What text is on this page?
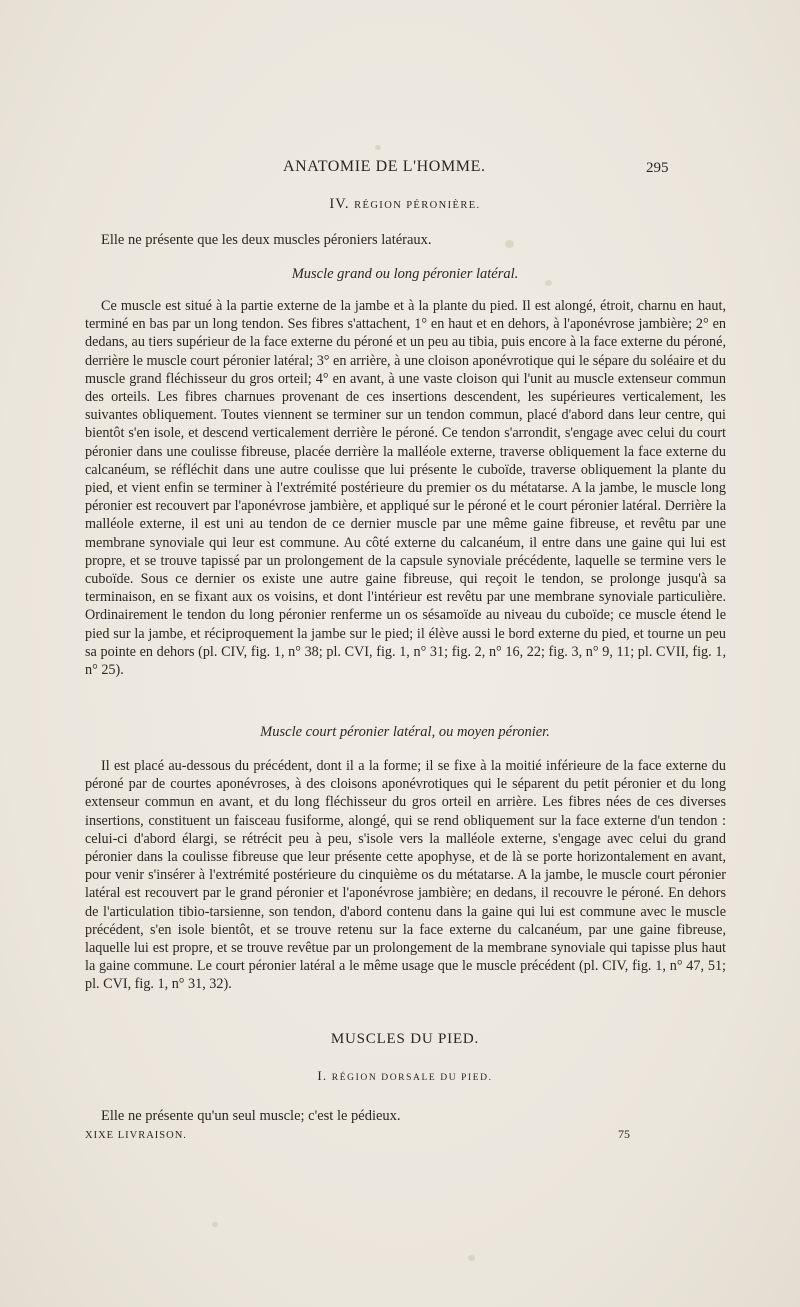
ANATOMIE DE L'HOMME.	295
IV. RÉGION PÉRONIÈRE.
Elle ne présente que les deux muscles péroniers latéraux.
Muscle grand ou long péronier latéral.

Ce muscle est situé à la partie externe de la jambe et à la plante du pied. Il est alongé, étroit, charnu en haut, terminé en bas par un long tendon. Ses fibres s'attachent, 1° en haut et en dehors, à l'aponévrose jambière; 2° en dedans, au tiers supérieur de la face externe du péroné et un peu au tibia, puis encore à la face externe du péroné, derrière le muscle court péronier latéral; 3° en arrière, à une cloison aponévrotique qui le sépare du soléaire et du muscle grand fléchisseur du gros orteil; 4° en avant, à une vaste cloison qui l'unit au muscle extenseur commun des orteils. Les fibres charnues provenant de ces insertions descendent, les supérieures verticalement, les suivantes obliquement. Toutes viennent se terminer sur un tendon commun, placé d'abord dans leur centre, qui bientôt s'en isole, et descend verticalement derrière le péroné. Ce tendon s'arrondit, s'engage avec celui du court péronier dans une coulisse fibreuse, placée derrière la malléole externe, traverse obliquement la face externe du calcanéum, se réfléchit dans une autre coulisse que lui présente le cuboïde, traverse obliquement la plante du pied, et vient enfin se terminer à l'extrémité postérieure du premier os du métatarse. A la jambe, le muscle long péronier est recouvert par l'aponévrose jambière, et appliqué sur le péroné et le court péronier latéral. Derrière la malléole externe, il est uni au tendon de ce dernier muscle par une même gaine fibreuse, et revêtu par une membrane synoviale qui leur est commune. Au côté externe du calcanéum, il entre dans une gaine qui lui est propre, et se trouve tapissé par un prolongement de la capsule synoviale précédente, laquelle se termine vers le cuboïde. Sous ce dernier os existe une autre gaine fibreuse, qui reçoit le tendon, se prolonge jusqu'à sa terminaison, en se fixant aux os voisins, et dont l'intérieur est revêtu par une membrane synoviale particulière. Ordinairement le tendon du long péronier renferme un os sésamoïde au niveau du cuboïde; ce muscle étend le pied sur la jambe, et réciproquement la jambe sur le pied; il élève aussi le bord externe du pied, et tourne un peu sa pointe en dehors (pl. CIV, fig. 1, n° 38; pl. CVI, fig. 1, n° 31; fig. 2, n° 16, 22; fig. 3, n° 9, 11; pl. CVII, fig. 1, n° 25).

Muscle court péronier latéral, ou moyen péronier.

Il est placé au-dessous du précédent, dont il a la forme; il se fixe à la moitié inférieure de la face externe du péroné par de courtes aponévroses, à des cloisons aponévrotiques qui le séparent du petit péronier et du long extenseur commun en avant, et du long fléchisseur du gros orteil en arrière. Les fibres nées de ces diverses insertions, constituent un faisceau fusiforme, alongé, qui se rend obliquement sur la face externe d'un tendon : celui-ci d'abord élargi, se rétrécit peu à peu, s'isole vers la malléole externe, s'engage avec celui du grand péronier dans la coulisse fibreuse que leur présente cette apophyse, et de là se porte horizontalement en avant, pour venir s'insérer à l'extrémité postérieure du cinquième os du métatarse. A la jambe, le muscle court péronier latéral est recouvert par le grand péronier et l'aponévrose jambière; en dedans, il recouvre le péroné. En dehors de l'articulation tibio-tarsienne, son tendon, d'abord contenu dans la gaine qui lui est commune avec le muscle précédent, s'en isole bientôt, et se trouve retenu sur la face externe du calcanéum, par une gaine fibreuse, laquelle lui est propre, et se trouve revêtue par un prolongement de la membrane synoviale qui tapisse plus haut la gaine commune. Le court péronier latéral a le même usage que le muscle précédent (pl. CIV, fig. 1, n° 47, 51; pl. CVI, fig. 1, n° 31, 32).

MUSCLES DU PIED.
I. RÉGION DORSALE DU PIED.
Elle ne présente qu'un seul muscle; c'est le pédieux.
XIXE LIVRAISON.	75
